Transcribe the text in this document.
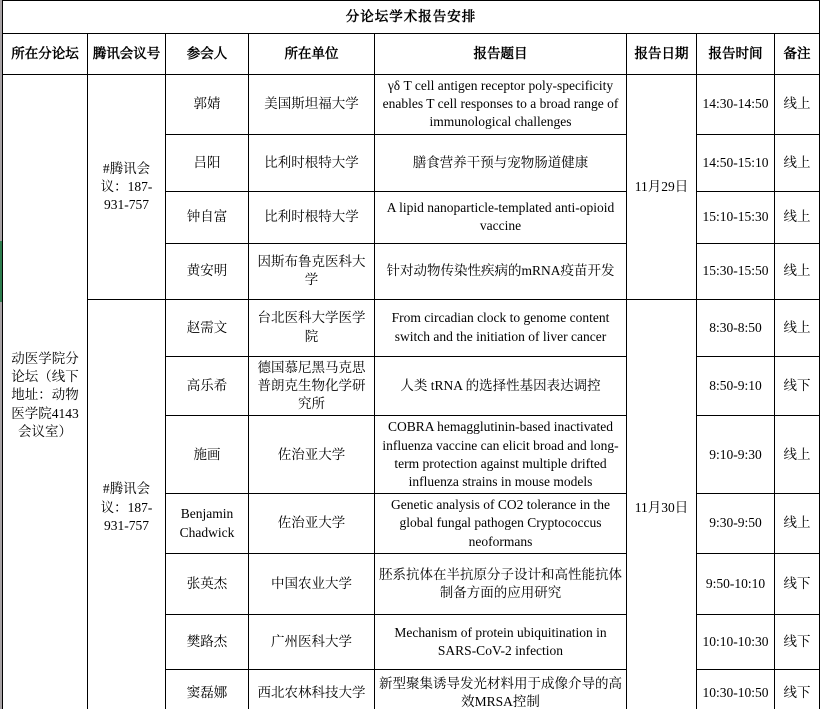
分论坛学术报告安排							
所在分论坛	腾讯会议号	参会人	所在单位	报告题目	报告日期	报告时间	备注
动医学院分论坛（线下地址：动物医学院4143会议室）	#腾讯会议：187-931-757	郭婧	美国斯坦福大学	γδ T cell antigen receptor poly-specificity enables T cell responses to a broad range of immunological challenges	11月29日	14:30-14:50	线上
		吕阳	比利时根特大学	膳食营养干预与宠物肠道健康		14:50-15:10	线上
		钟自富	比利时根特大学	A lipid nanoparticle-templated anti-opioid vaccine		15:10-15:30	线上
		黄安明	因斯布鲁克医科大学	针对动物传染性疾病的mRNA疫苗开发		15:30-15:50	线上
	#腾讯会议：187-931-757	赵需文	台北医科大学医学院	From circadian clock to genome content switch and the initiation of liver cancer	11月30日	8:30-8:50	线上
		高乐希	德国慕尼黑马克思普朗克生物化学研究所	人类 tRNA 的选择性基因表达调控		8:50-9:10	线下
		施画	佐治亚大学	COBRA hemagglutinin-based inactivated influenza vaccine can elicit broad and long-term protection against multiple drifted influenza strains in mouse models		9:10-9:30	线上
		Benjamin Chadwick	佐治亚大学	Genetic analysis of CO2 tolerance in the global fungal pathogen Cryptococcus neoformans		9:30-9:50	线上
		张英杰	中国农业大学	胚系抗体在半抗原分子设计和高性能抗体制备方面的应用研究		9:50-10:10	线下
		樊路杰	广州医科大学	Mechanism of protein ubiquitination in SARS-CoV-2 infection		10:10-10:30	线下
		窦磊娜	西北农林科技大学	新型聚集诱导发光材料用于成像介导的高效MRSA控制		10:30-10:50	线下
